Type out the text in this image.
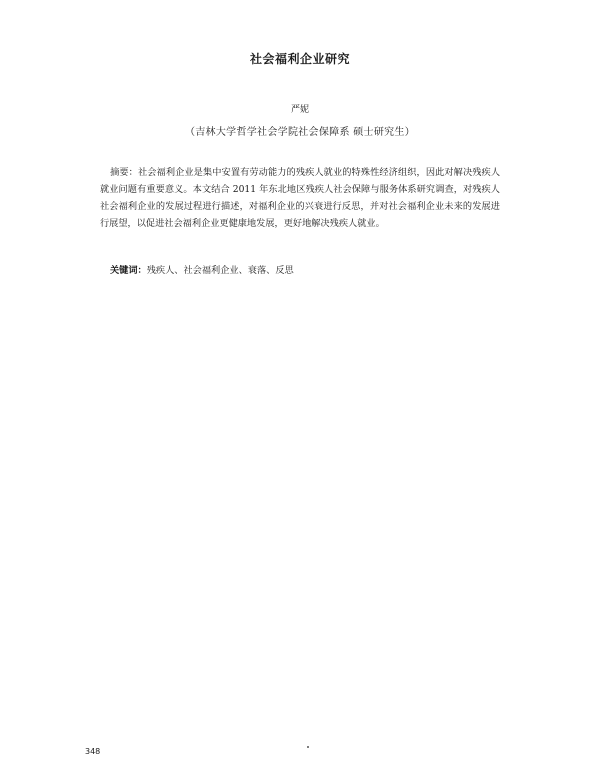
社会福利企业研究
严妮
（吉林大学哲学社会学院社会保障系 硕士研究生）
摘要：社会福利企业是集中安置有劳动能力的残疾人就业的特殊性经济组织，因此对解决残疾人就业问题有重要意义。本文结合 2011 年东北地区残疾人社会保障与服务体系研究调查，对残疾人社会福利企业的发展过程进行描述，对福利企业的兴衰进行反思，并对社会福利企业未来的发展进行展望，以促进社会福利企业更健康地发展，更好地解决残疾人就业。
关键词：残疾人、社会福利企业、衰落、反思
348
